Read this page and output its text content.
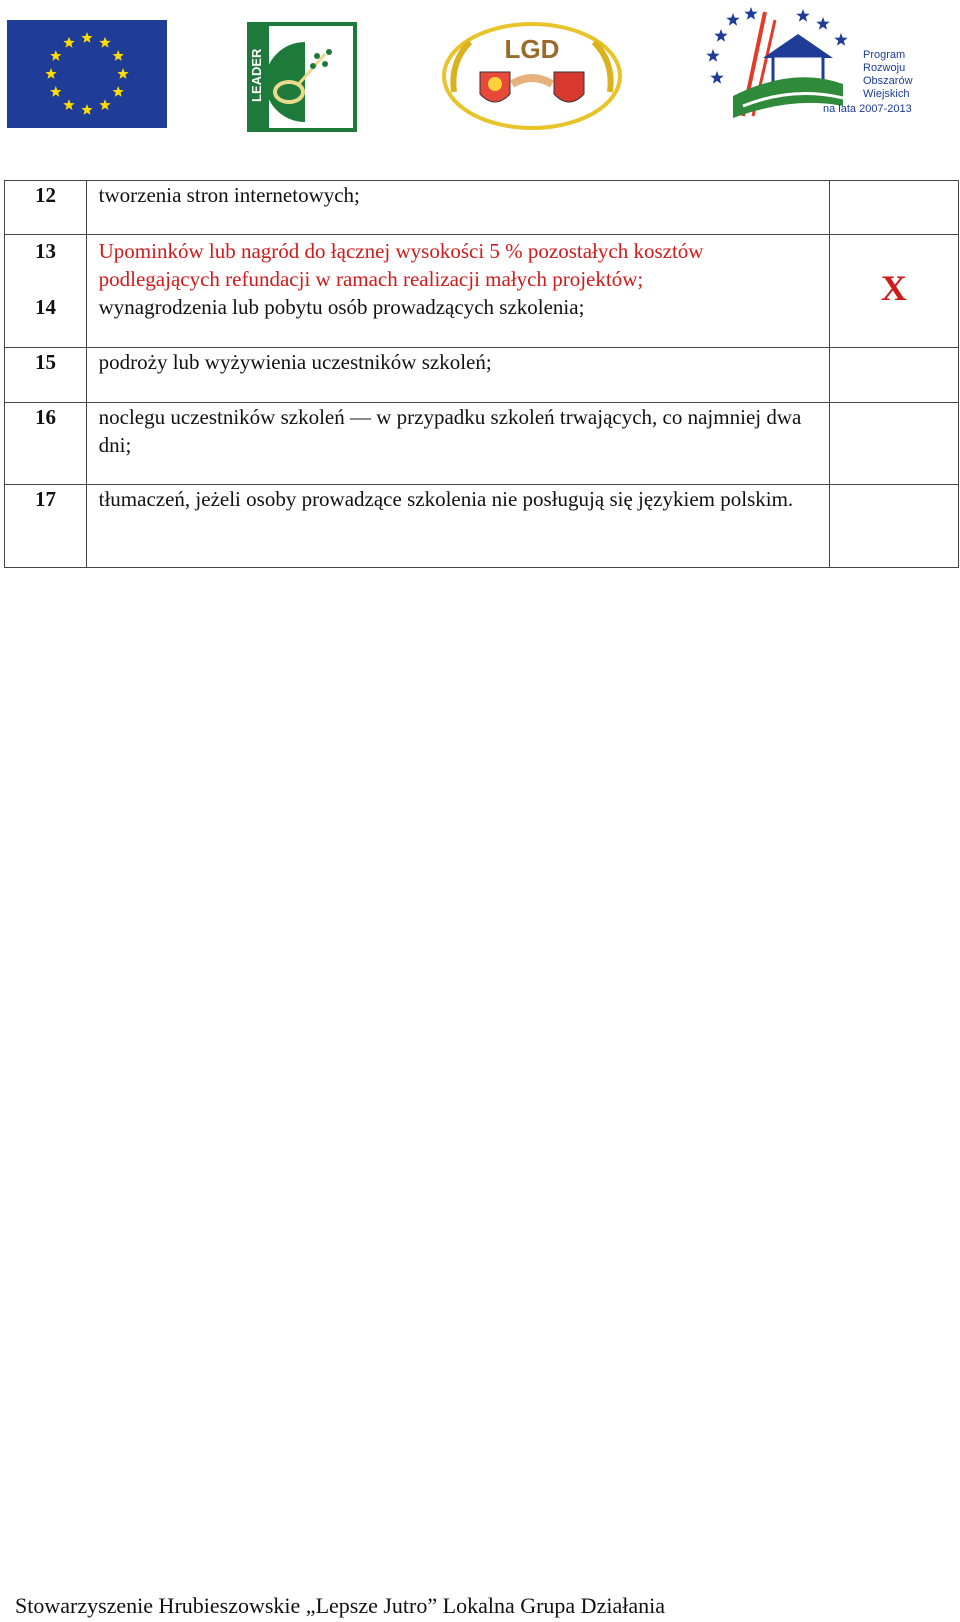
LEADER	LGD	Program
Rozwoju
Obszarów
Wiejskich
na lata 2007-2013
12	tworzenia stron internetowych;	
13	Upominków lub nagród do łącznej wysokości 5 % pozostałych kosztów podlegających refundacji w ramach realizacji małych projektów;	X
14	wynagrodzenia lub pobytu osób prowadzących szkolenia;	
15	podroży lub wyżywienia uczestników szkoleń;	
16	noclegu uczestników szkoleń — w przypadku szkoleń trwających, co najmniej dwa dni;	
17	tłumaczeń, jeżeli osoby prowadzące szkolenia nie posługują się językiem polskim.	
Stowarzyszenie Hrubieszowskie „Lepsze Jutro” Lokalna Grupa Działania
